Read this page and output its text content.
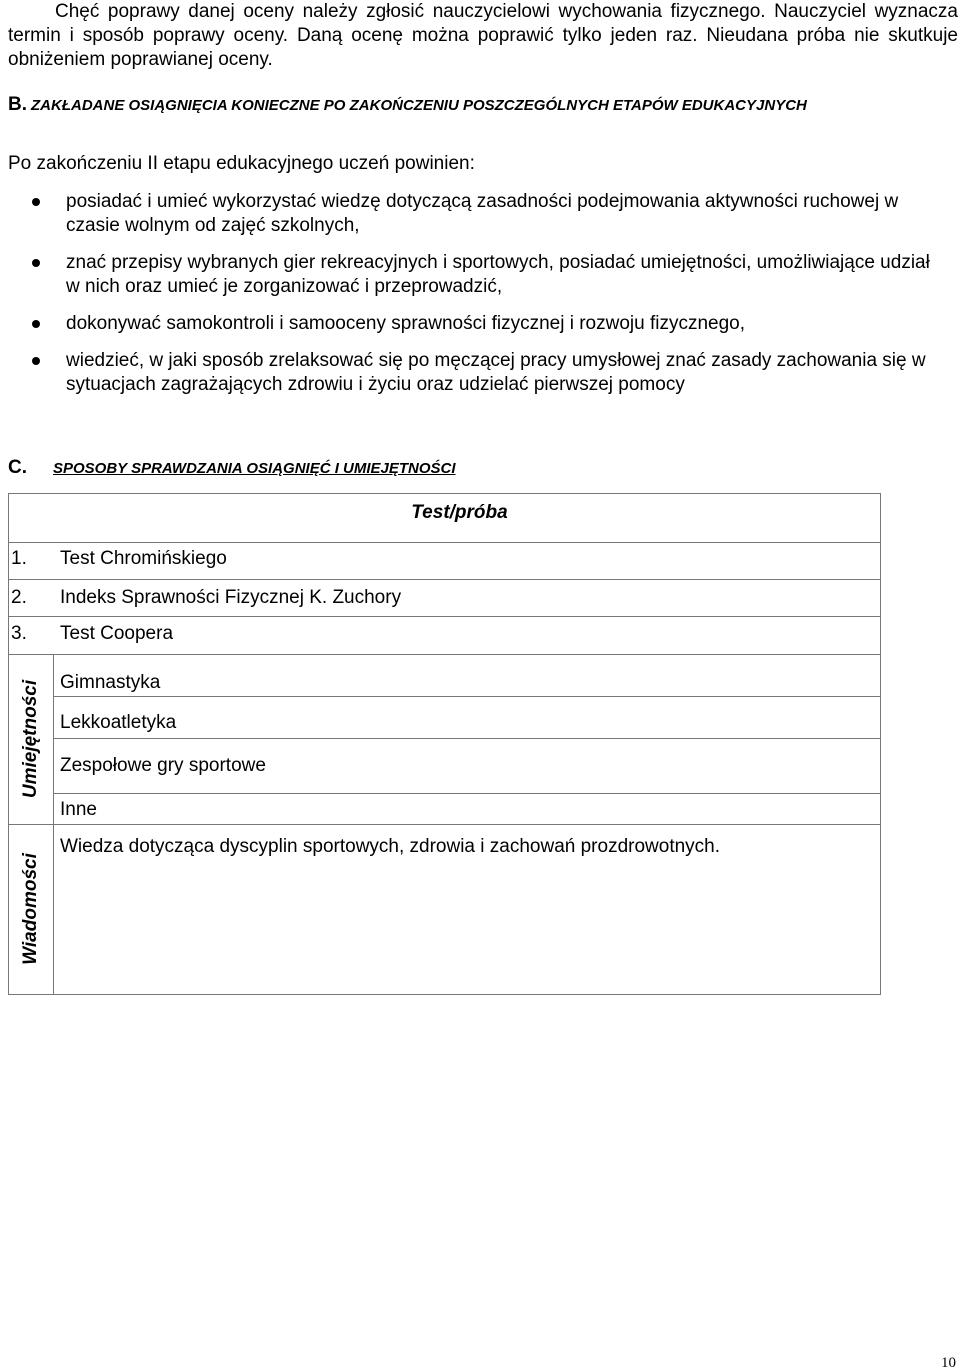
Chęć poprawy danej oceny należy zgłosić nauczycielowi wychowania fizycznego. Nauczyciel wyznacza termin i sposób poprawy oceny. Daną ocenę można poprawić tylko jeden raz. Nieudana próba nie skutkuje obniżeniem poprawianej oceny.
B. ZAKŁADANE OSIĄGNIĘCIA KONIECZNE PO ZAKOŃCZENIU POSZCZEGÓLNYCH ETAPÓW EDUKACYJNYCH
Po zakończeniu II etapu edukacyjnego uczeń powinien:
posiadać i umieć wykorzystać wiedzę dotyczącą zasadności podejmowania aktywności ruchowej w czasie wolnym od zajęć szkolnych,
znać przepisy wybranych gier rekreacyjnych i sportowych, posiadać umiejętności, umożliwiające udział w nich oraz umieć je zorganizować i przeprowadzić,
dokonywać samokontroli i samooceny sprawności fizycznej i rozwoju fizycznego,
wiedzieć, w jaki sposób zrelaksować się po męczącej pracy umysłowej znać zasady zachowania się w sytuacjach zagrażających zdrowiu i życiu oraz udzielać pierwszej pomocy
C. SPOSOBY SPRAWDZANIA OSIĄGNIĘĆ I UMIEJĘTNOŚCI
Test/próba
1. Test Chromińskiego
2. Indeks Sprawności Fizycznej K. Zuchory
3. Test Coopera
Umiejętności Gimnastyka
Lekkoatletyka
Zespołowe gry sportowe
Inne
Wiadomości
Wiedza dotycząca dyscyplin sportowych, zdrowia i zachowań prozdrowotnych.
10
